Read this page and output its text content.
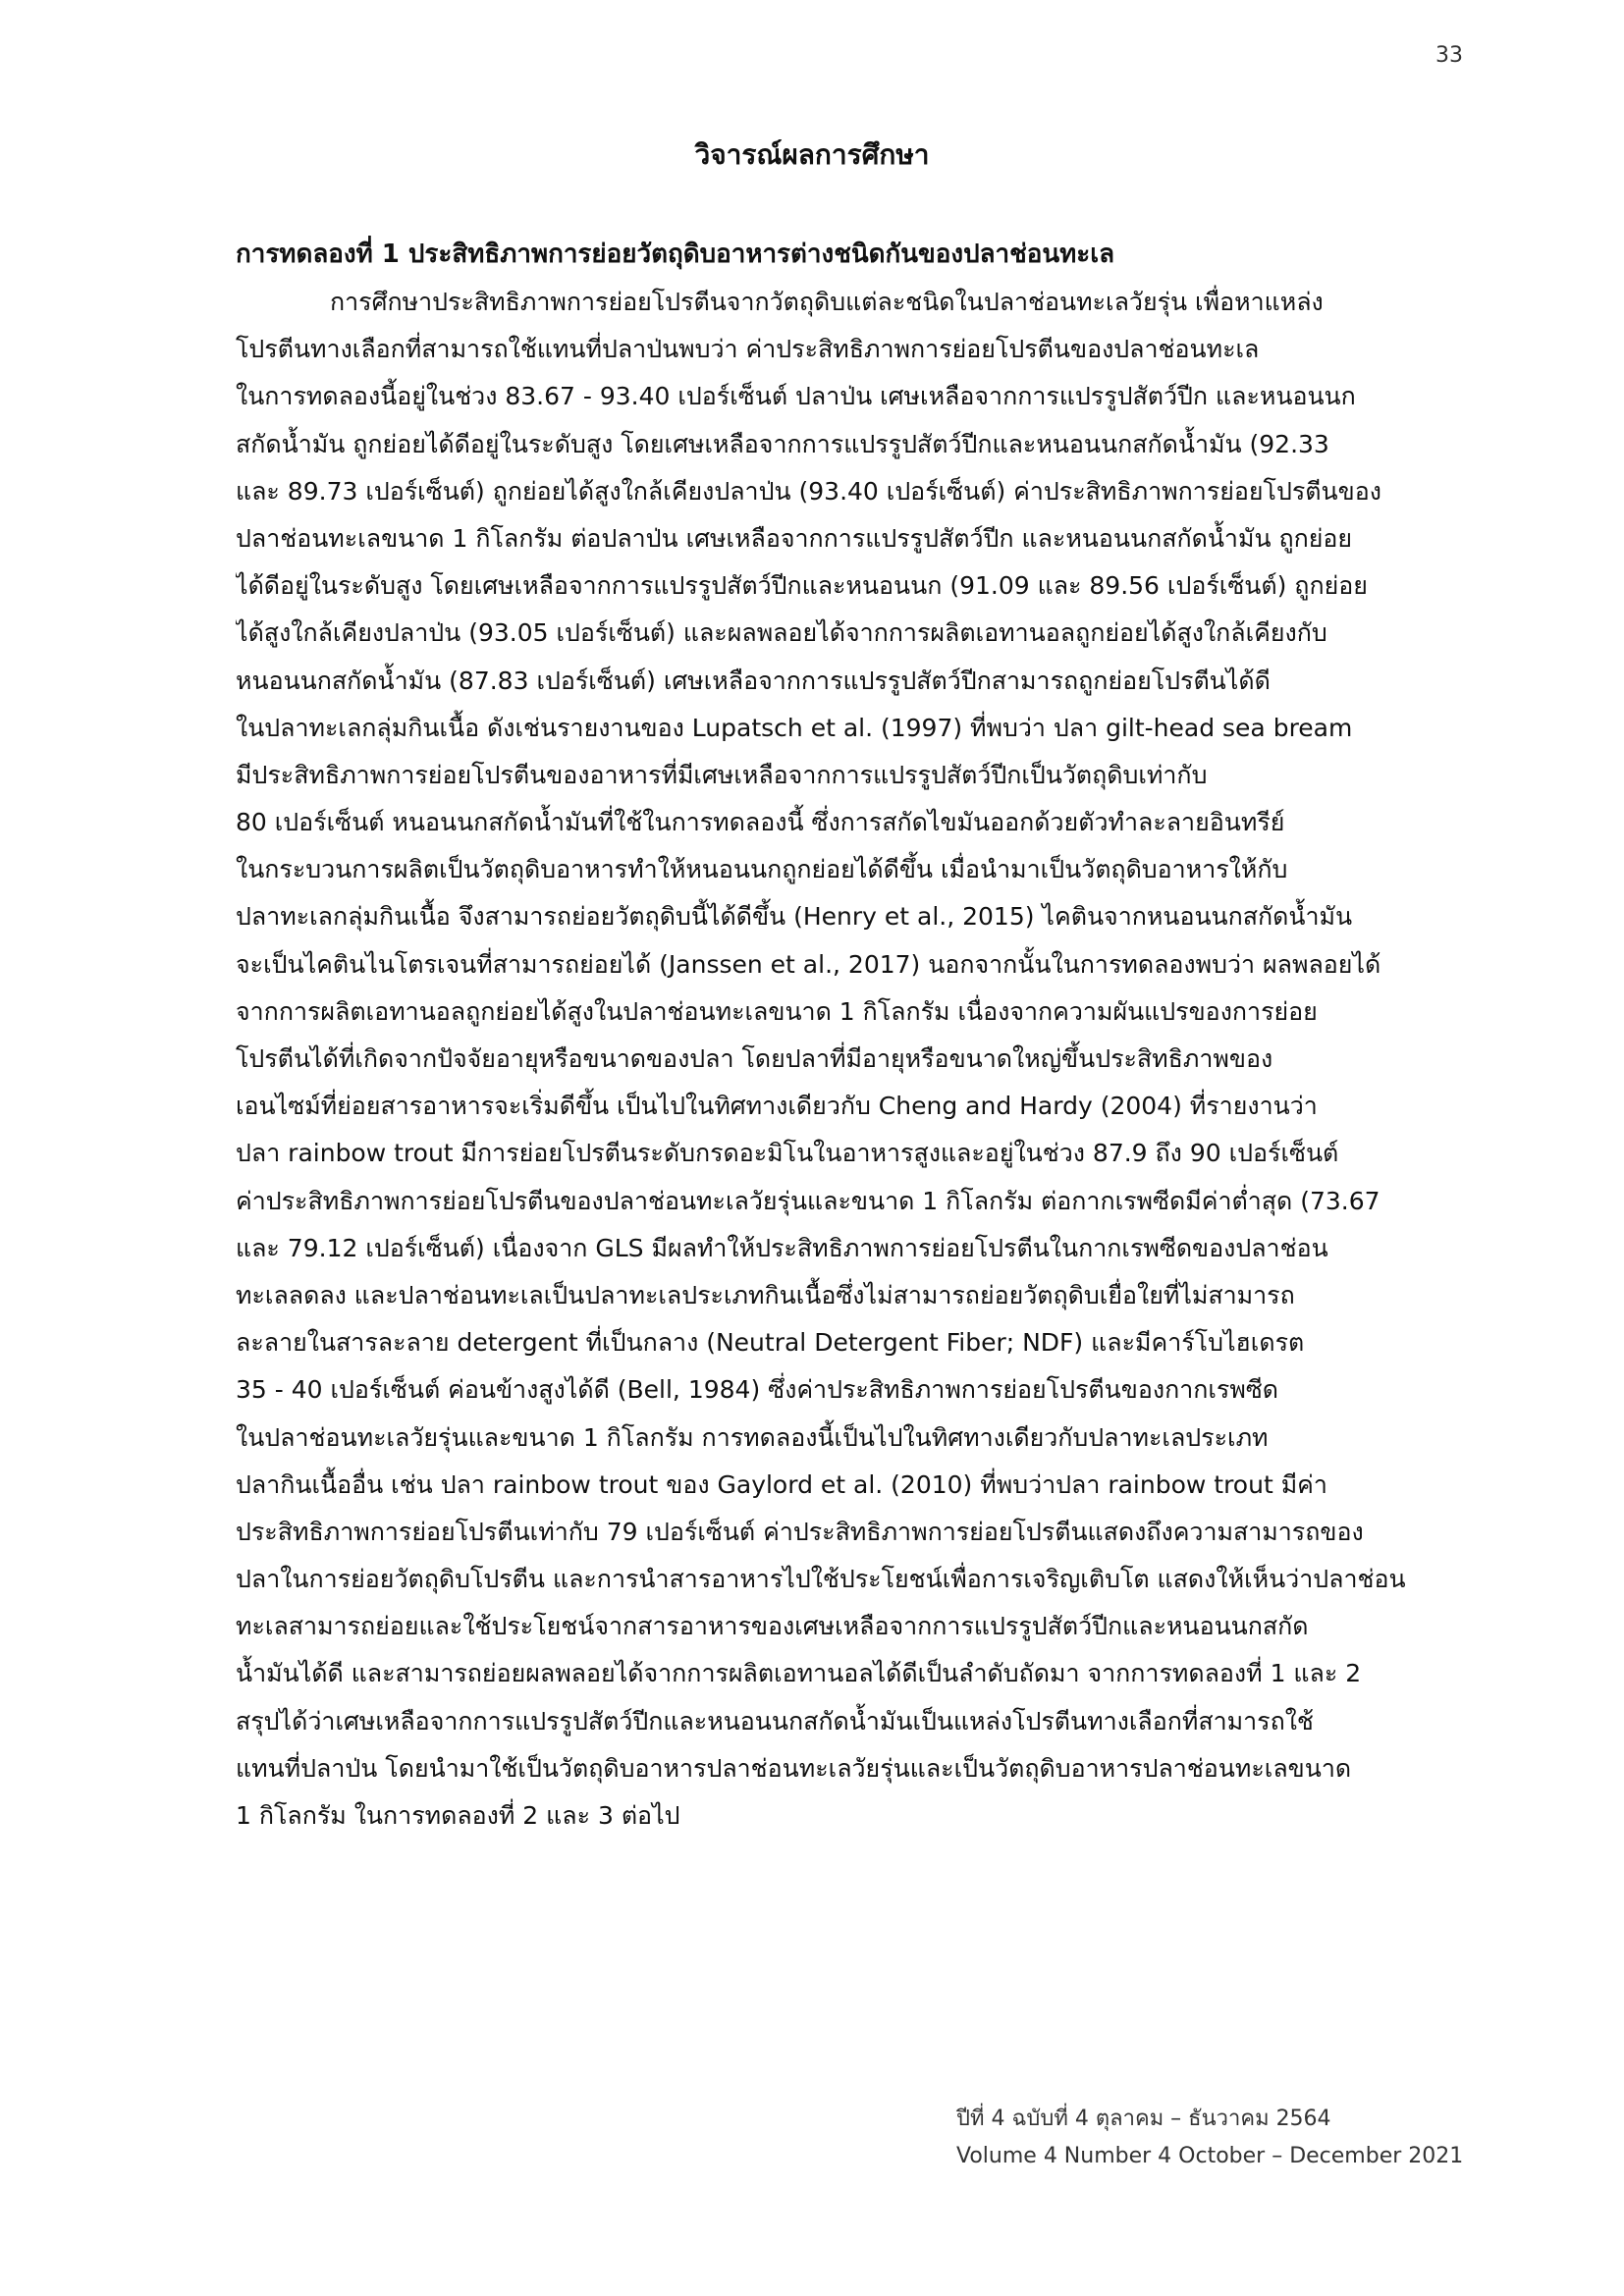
33
วิจารณ์ผลการศึกษา
การทดลองที่ 1 ประสิทธิภาพการย่อยวัตถุดิบอาหารต่างชนิดกันของปลาช่อนทะเล
การศึกษาประสิทธิภาพการย่อยโปรตีนจากวัตถุดิบแต่ละชนิดในปลาช่อนทะเลวัยรุ่น เพื่อหาแหล่ง
โปรตีนทางเลือกที่สามารถใช้แทนที่ปลาป่นพบว่า ค่าประสิทธิภาพการย่อยโปรตีนของปลาช่อนทะเล
ในการทดลองนี้อยู่ในช่วง 83.67 - 93.40 เปอร์เซ็นต์ ปลาป่น เศษเหลือจากการแปรรูปสัตว์ปีก และหนอนนก
สกัดน้ำมัน ถูกย่อยได้ดีอยู่ในระดับสูง โดยเศษเหลือจากการแปรรูปสัตว์ปีกและหนอนนกสกัดน้ำมัน (92.33
และ 89.73 เปอร์เซ็นต์) ถูกย่อยได้สูงใกล้เคียงปลาป่น (93.40 เปอร์เซ็นต์) ค่าประสิทธิภาพการย่อยโปรตีนของ
ปลาช่อนทะเลขนาด 1 กิโลกรัม ต่อปลาป่น เศษเหลือจากการแปรรูปสัตว์ปีก และหนอนนกสกัดน้ำมัน ถูกย่อย
ได้ดีอยู่ในระดับสูง โดยเศษเหลือจากการแปรรูปสัตว์ปีกและหนอนนก (91.09 และ 89.56 เปอร์เซ็นต์) ถูกย่อย
ได้สูงใกล้เคียงปลาป่น (93.05 เปอร์เซ็นต์) และผลพลอยได้จากการผลิตเอทานอลถูกย่อยได้สูงใกล้เคียงกับ
หนอนนกสกัดน้ำมัน (87.83 เปอร์เซ็นต์) เศษเหลือจากการแปรรูปสัตว์ปีกสามารถถูกย่อยโปรตีนได้ดี
ในปลาทะเลกลุ่มกินเนื้อ ดังเช่นรายงานของ Lupatsch et al. (1997) ที่พบว่า ปลา gilt-head sea bream
มีประสิทธิภาพการย่อยโปรตีนของอาหารที่มีเศษเหลือจากการแปรรูปสัตว์ปีกเป็นวัตถุดิบเท่ากับ
80 เปอร์เซ็นต์ หนอนนกสกัดน้ำมันที่ใช้ในการทดลองนี้ ซึ่งการสกัดไขมันออกด้วยตัวทำละลายอินทรีย์
ในกระบวนการผลิตเป็นวัตถุดิบอาหารทำให้หนอนนกถูกย่อยได้ดีขึ้น เมื่อนำมาเป็นวัตถุดิบอาหารให้กับ
ปลาทะเลกลุ่มกินเนื้อ จึงสามารถย่อยวัตถุดิบนี้ได้ดีขึ้น (Henry et al., 2015) ไคตินจากหนอนนกสกัดน้ำมัน
จะเป็นไคตินไนโตรเจนที่สามารถย่อยได้ (Janssen et al., 2017) นอกจากนั้นในการทดลองพบว่า ผลพลอยได้
จากการผลิตเอทานอลถูกย่อยได้สูงในปลาช่อนทะเลขนาด 1 กิโลกรัม เนื่องจากความผันแปรของการย่อย
โปรตีนได้ที่เกิดจากปัจจัยอายุหรือขนาดของปลา โดยปลาที่มีอายุหรือขนาดใหญ่ขึ้นประสิทธิภาพของ
เอนไซม์ที่ย่อยสารอาหารจะเริ่มดีขึ้น เป็นไปในทิศทางเดียวกับ Cheng and Hardy (2004) ที่รายงานว่า
ปลา rainbow trout มีการย่อยโปรตีนระดับกรดอะมิโนในอาหารสูงและอยู่ในช่วง 87.9 ถึง 90 เปอร์เซ็นต์
ค่าประสิทธิภาพการย่อยโปรตีนของปลาช่อนทะเลวัยรุ่นและขนาด 1 กิโลกรัม ต่อกากเรพซีดมีค่าต่ำสุด (73.67
และ 79.12 เปอร์เซ็นต์) เนื่องจาก GLS มีผลทำให้ประสิทธิภาพการย่อยโปรตีนในกากเรพซีดของปลาช่อน
ทะเลลดลง และปลาช่อนทะเลเป็นปลาทะเลประเภทกินเนื้อซึ่งไม่สามารถย่อยวัตถุดิบเยื่อใยที่ไม่สามารถ
ละลายในสารละลาย detergent ที่เป็นกลาง (Neutral Detergent Fiber; NDF) และมีคาร์โบไฮเดรต
35 - 40 เปอร์เซ็นต์ ค่อนข้างสูงได้ดี (Bell, 1984) ซึ่งค่าประสิทธิภาพการย่อยโปรตีนของกากเรพซีด
ในปลาช่อนทะเลวัยรุ่นและขนาด 1 กิโลกรัม การทดลองนี้เป็นไปในทิศทางเดียวกับปลาทะเลประเภท
ปลากินเนื้ออื่น เช่น ปลา rainbow trout ของ Gaylord et al. (2010) ที่พบว่าปลา rainbow trout มีค่า
ประสิทธิภาพการย่อยโปรตีนเท่ากับ 79 เปอร์เซ็นต์ ค่าประสิทธิภาพการย่อยโปรตีนแสดงถึงความสามารถของ
ปลาในการย่อยวัตถุดิบโปรตีน และการนำสารอาหารไปใช้ประโยชน์เพื่อการเจริญเติบโต แสดงให้เห็นว่าปลาช่อน
ทะเลสามารถย่อยและใช้ประโยชน์จากสารอาหารของเศษเหลือจากการแปรรูปสัตว์ปีกและหนอนนกสกัด
น้ำมันได้ดี และสามารถย่อยผลพลอยได้จากการผลิตเอทานอลได้ดีเป็นลำดับถัดมา จากการทดลองที่ 1 และ 2
สรุปได้ว่าเศษเหลือจากการแปรรูปสัตว์ปีกและหนอนนกสกัดน้ำมันเป็นแหล่งโปรตีนทางเลือกที่สามารถใช้
แทนที่ปลาป่น โดยนำมาใช้เป็นวัตถุดิบอาหารปลาช่อนทะเลวัยรุ่นและเป็นวัตถุดิบอาหารปลาช่อนทะเลขนาด
1 กิโลกรัม ในการทดลองที่ 2 และ 3 ต่อไป
ปีที่ 4 ฉบับที่ 4 ตุลาคม – ธันวาคม 2564
Volume 4 Number 4 October – December 2021
